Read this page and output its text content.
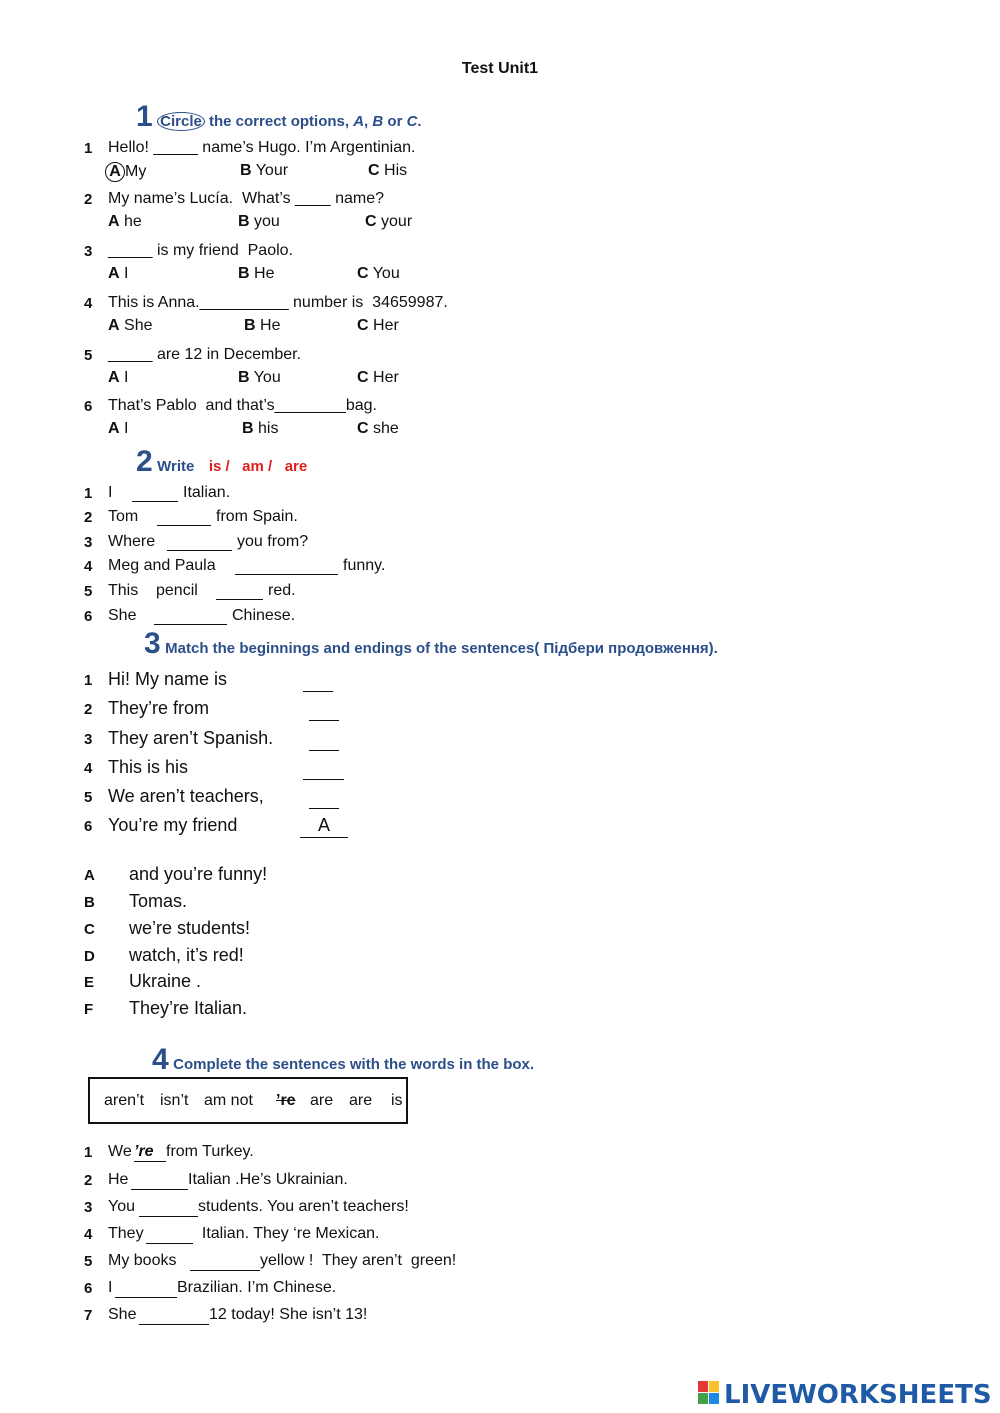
Test Unit1
1 Circle the correct options, A, B or C.
1 Hello! _____ name’s Hugo. I’m Argentinian.
A My	B Your	C His
2 My name’s Lucía.  What’s ____ name?
A he	B you	C your
3 _____ is my friend  Paolo.
A I	B He	C You
4 This is Anna.__________ number is  34659987.
A She	B He	C Her
5 _____ are 12 in December.
A I	B You	C Her
6 That’s Pablo  and that’s________bag.
A I	B his	C she
2 Write is /   am /   are
1 I	Italian.
2 Tom	from Spain.
3 Where	you from?
4 Meg and Paula	funny.
5 This    pencil	red.
6 She	Chinese.
3 Match the beginnings and endings of the sentences( Підбери продовження).
1 Hi! My name is
2 They’re from
3 They aren’t Spanish.
4 This is his
5 We aren’t teachers,
6 You’re my friend	A
A and you’re funny!
B Tomas.
C we’re students!
D watch, it’s red!
E Ukraine .
F They’re Italian.
4 Complete the sentences with the words in the box.
aren’t isn’t am not ’re are are is
1 We ’re from Turkey.
2 He	Italian .He’s Ukrainian.
3 You	students. You aren’t teachers!
4 They	Italian. They ‘re Mexican.
5 My books	yellow !  They aren’t  green!
6 I	Brazilian. I’m Chinese.
7 She	12 today! She isn’t 13!
LIVEWORKSHEETS
